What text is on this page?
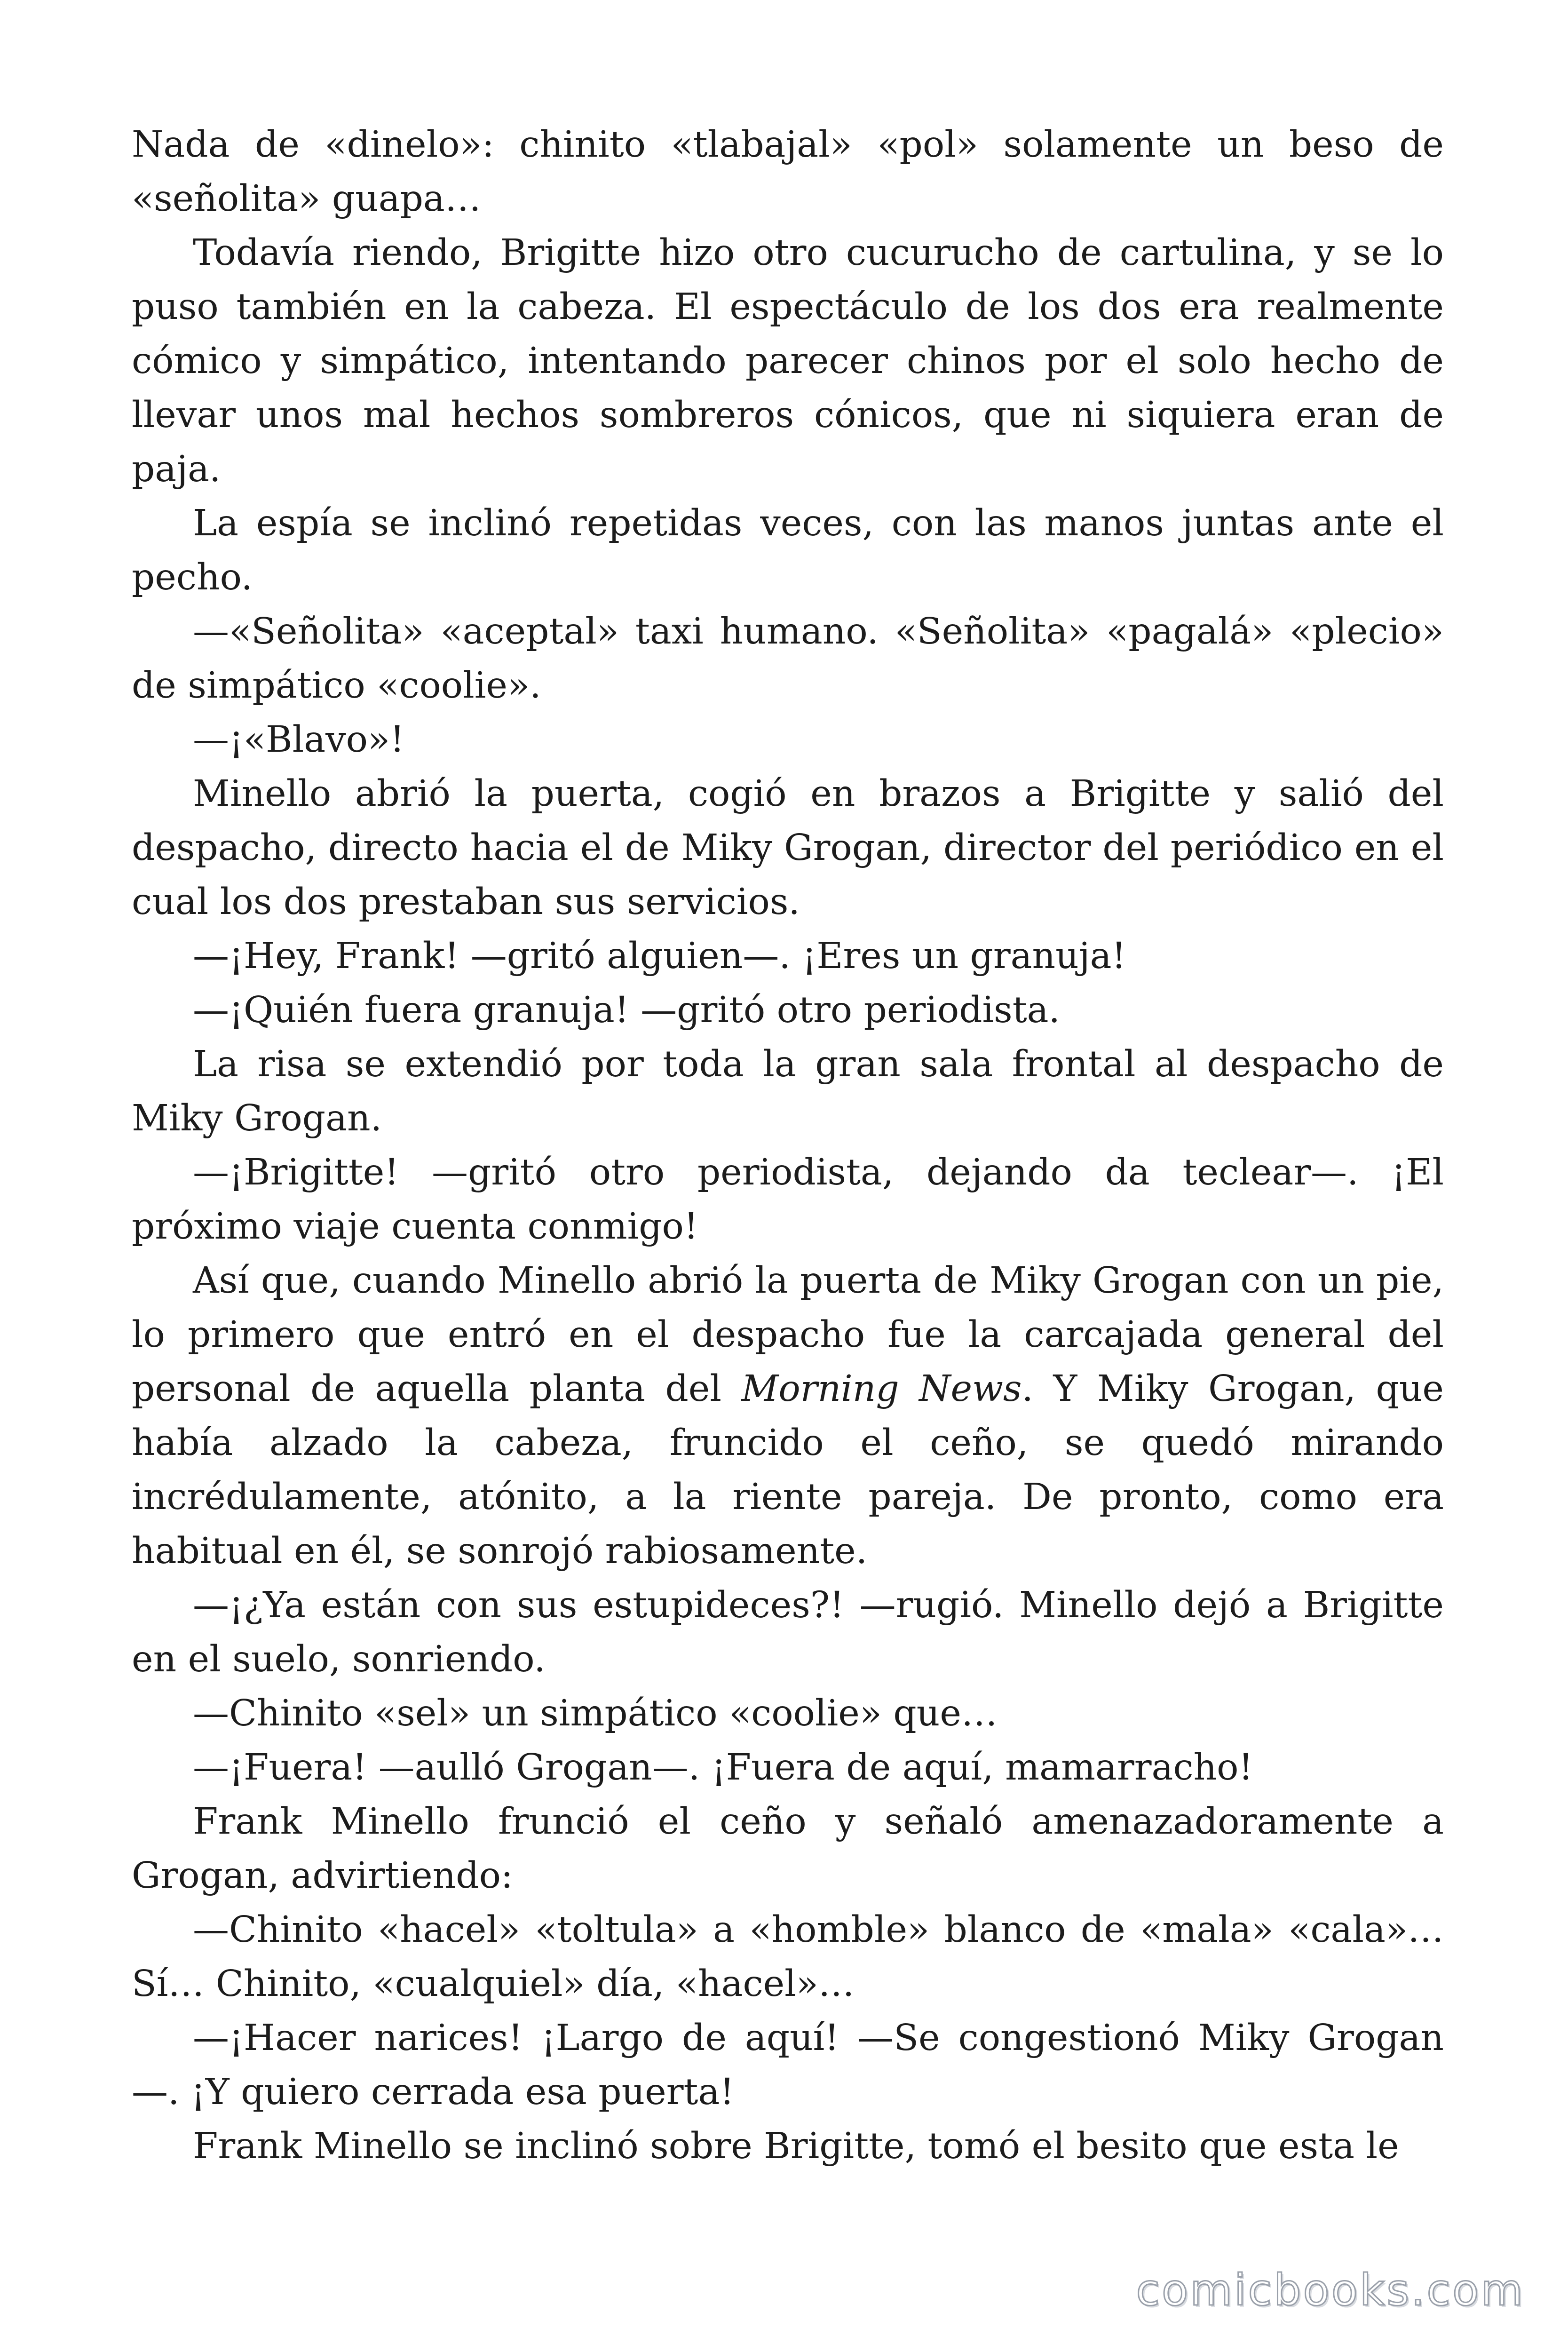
Nada de «dinelo»: chinito «tlabajal» «pol» solamente un beso de «señolita» guapa…

Todavía riendo, Brigitte hizo otro cucurucho de cartulina, y se lo puso también en la cabeza. El espectáculo de los dos era realmente cómico y simpático, intentando parecer chinos por el solo hecho de llevar unos mal hechos sombreros cónicos, que ni siquiera eran de paja.

La espía se inclinó repetidas veces, con las manos juntas ante el pecho.

—«Señolita» «aceptal» taxi humano. «Señolita» «pagalá» «plecio» de simpático «coolie».

—¡«Blavo»!

Minello abrió la puerta, cogió en brazos a Brigitte y salió del despacho, directo hacia el de Miky Grogan, director del periódico en el cual los dos prestaban sus servicios.

—¡Hey, Frank! —gritó alguien—. ¡Eres un granuja!

—¡Quién fuera granuja! —gritó otro periodista.

La risa se extendió por toda la gran sala frontal al despacho de Miky Grogan.

—¡Brigitte! —gritó otro periodista, dejando da teclear—. ¡El próximo viaje cuenta conmigo!

Así que, cuando Minello abrió la puerta de Miky Grogan con un pie, lo primero que entró en el despacho fue la carcajada general del personal de aquella planta del Morning News. Y Miky Grogan, que había alzado la cabeza, fruncido el ceño, se quedó mirando incrédulamente, atónito, a la riente pareja. De pronto, como era habitual en él, se sonrojó rabiosamente.

—¡¿Ya están con sus estupideces?! —rugió. Minello dejó a Brigitte en el suelo, sonriendo.

—Chinito «sel» un simpático «coolie» que…

—¡Fuera! —aulló Grogan—. ¡Fuera de aquí, mamarracho!

Frank Minello frunció el ceño y señaló amenazadoramente a Grogan, advirtiendo:

—Chinito «hacel» «toltula» a «homble» blanco de «mala» «cala»… Sí… Chinito, «cualquiel» día, «hacel»…

—¡Hacer narices! ¡Largo de aquí! —Se congestionó Miky Grogan —. ¡Y quiero cerrada esa puerta!

Frank Minello se inclinó sobre Brigitte, tomó el besito que esta le

comicbooks.com
